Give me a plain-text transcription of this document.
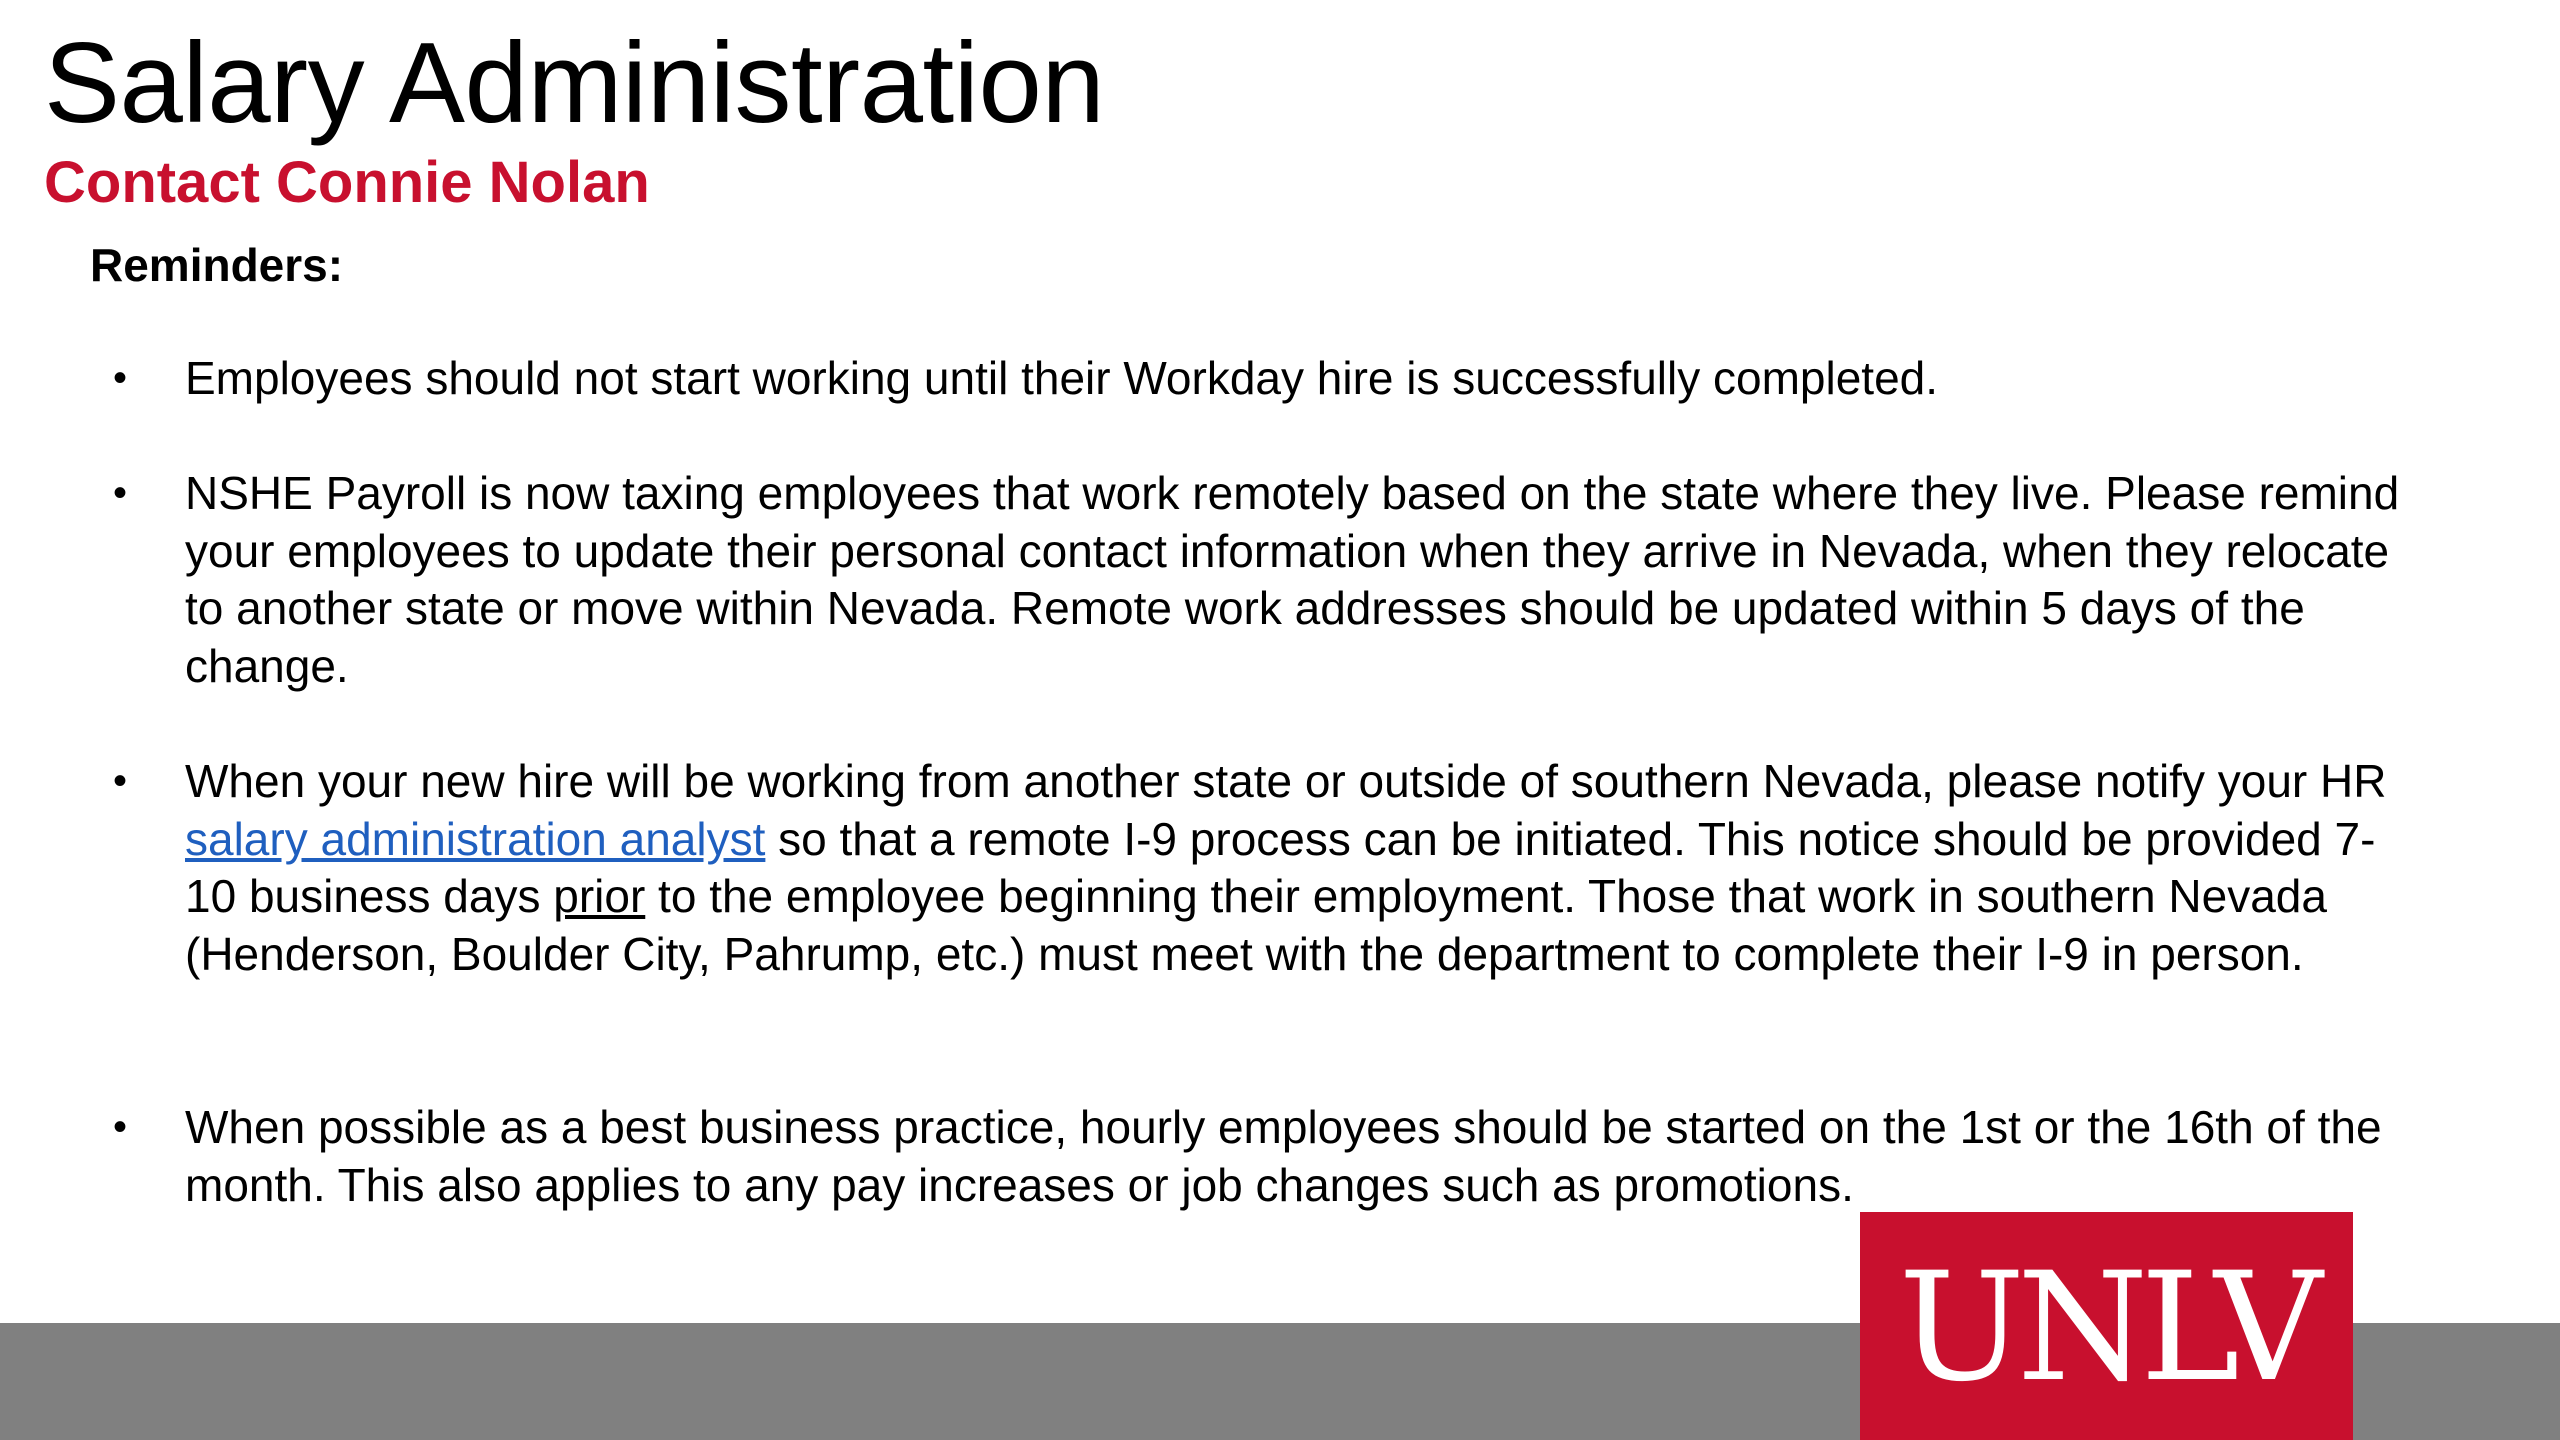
Salary Administration
Contact Connie Nolan
Reminders:
• Employees should not start working until their Workday hire is successfully completed.
• NSHE Payroll is now taxing employees that work remotely based on the state where they live. Please remind your employees to update their personal contact information when they arrive in Nevada, when they relocate to another state or move within Nevada. Remote work addresses should be updated within 5 days of the change.
• When your new hire will be working from another state or outside of southern Nevada, please notify your HR salary administration analyst so that a remote I-9 process can be initiated. This notice should be provided 7-10 business days prior to the employee beginning their employment. Those that work in southern Nevada (Henderson, Boulder City, Pahrump, etc.) must meet with the department to complete their I-9 in person.
• When possible as a best business practice, hourly employees should be started on the 1st or the 16th of the month. This also applies to any pay increases or job changes such as promotions.
UNLV
